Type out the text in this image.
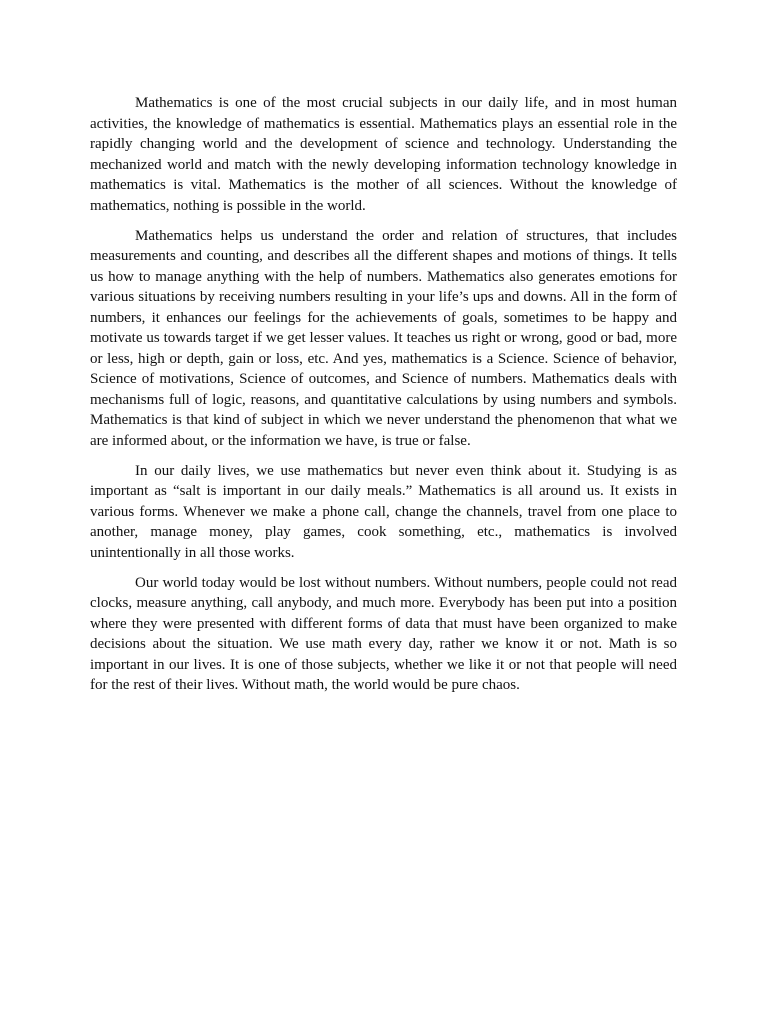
Mathematics is one of the most crucial subjects in our daily life, and in most human activities, the knowledge of mathematics is essential. Mathematics plays an essential role in the rapidly changing world and the development of science and technology. Understanding the mechanized world and match with the newly developing information technology knowledge in mathematics is vital. Mathematics is the mother of all sciences. Without the knowledge of mathematics, nothing is possible in the world.

Mathematics helps us understand the order and relation of structures, that includes measurements and counting, and describes all the different shapes and motions of things. It tells us how to manage anything with the help of numbers. Mathematics also generates emotions for various situations by receiving numbers resulting in your life’s ups and downs. All in the form of numbers, it enhances our feelings for the achievements of goals, sometimes to be happy and motivate us towards target if we get lesser values. It teaches us right or wrong, good or bad, more or less, high or depth, gain or loss, etc. And yes, mathematics is a Science. Science of behavior, Science of motivations, Science of outcomes, and Science of numbers. Mathematics deals with mechanisms full of logic, reasons, and quantitative calculations by using numbers and symbols. Mathematics is that kind of subject in which we never understand the phenomenon that what we are informed about, or the information we have, is true or false.

In our daily lives, we use mathematics but never even think about it. Studying is as important as “salt is important in our daily meals.” Mathematics is all around us. It exists in various forms. Whenever we make a phone call, change the channels, travel from one place to another, manage money, play games, cook something, etc., mathematics is involved unintentionally in all those works.

Our world today would be lost without numbers. Without numbers, people could not read clocks, measure anything, call anybody, and much more. Everybody has been put into a position where they were presented with different forms of data that must have been organized to make decisions about the situation. We use math every day, rather we know it or not. Math is so important in our lives. It is one of those subjects, whether we like it or not that people will need for the rest of their lives. Without math, the world would be pure chaos.
